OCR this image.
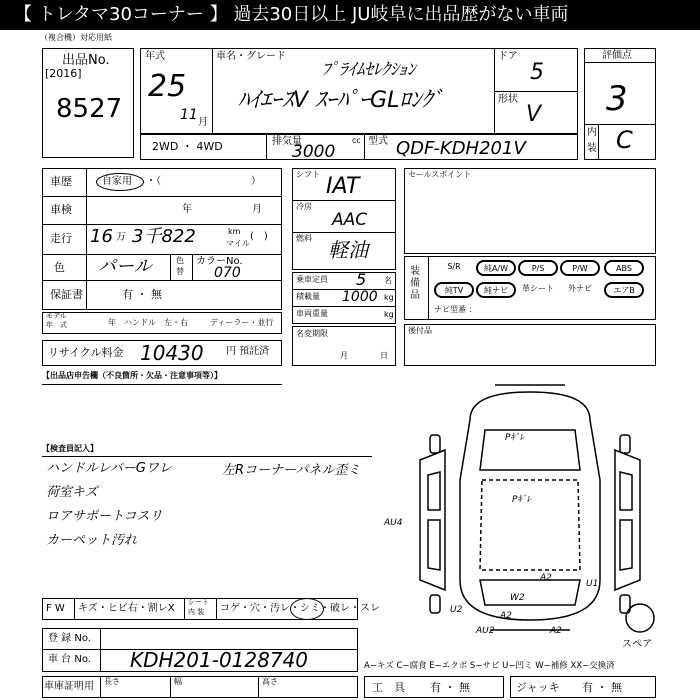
【 トレタマ30コーナー 】 過去30日以上 JU岐阜に出品歴がない車両
（複合機）対応用紙
出品No.
[2016]
8527
年式
25
11 月
車名・グレード
ﾌﾟﾗｲﾑｾﾚｸｼｮﾝ
ﾊｲｴｰｽV ｽｰﾊﾟｰGLﾛﾝｸﾞ
ドア
5
形状
V
2WD ・ 4WD	排気量
3000
cc 型式 QDF-KDH201V
評価点
3
内
装 C
車歴	自家用 ・（　　　　　　　　　）
車検	年	月
走行 16 万 3千822	km
マイル
(　)
色 パール	色
替
カラーNo.
070
保証書	有 ・ 無
モデル
年　式	年 ハンドル　左・右	ディーラー・並行
リサイクル料金 10430 円 預託済
シフト IAT
冷房
AAC
燃料 軽油
乗車定員 5 名
積載量 1000 kg
車両重量	kg
名変期限
月	日
セールスポイント
装備品
S/R	純A/W	P/S	P/W	ABS
純TV	純ナビ	革シート	外ナビ	エアB
ナビ型番 ：
後付品
【出品店申告欄（不良箇所・欠品・注意事項等）】
【検査員記入】
ハンドルレバーGワレ
荷室キズ
ロアサポートコスリ
カーペット汚れ
左Rコーナーパネル歪ミ
F W キズ・ヒビ右・割レX
シート
内 装 コゲ・穴・汚レ・シミ・破レ・スレ
登 録 No.
車 台 No. KDH201-0128740
車庫証明用 長さ	幅	高さ
A−キズ C−腐食 E−エクボ S−サビ U−凹ミ W−補修 XX−交換済
工　具 有 ・ 無	ジャッキ 有 ・ 無
Pｷﾞﾚ
Pｷﾞﾚ
AU4
A2
U1
U2
W2
A2
AU2	A2
スペア
